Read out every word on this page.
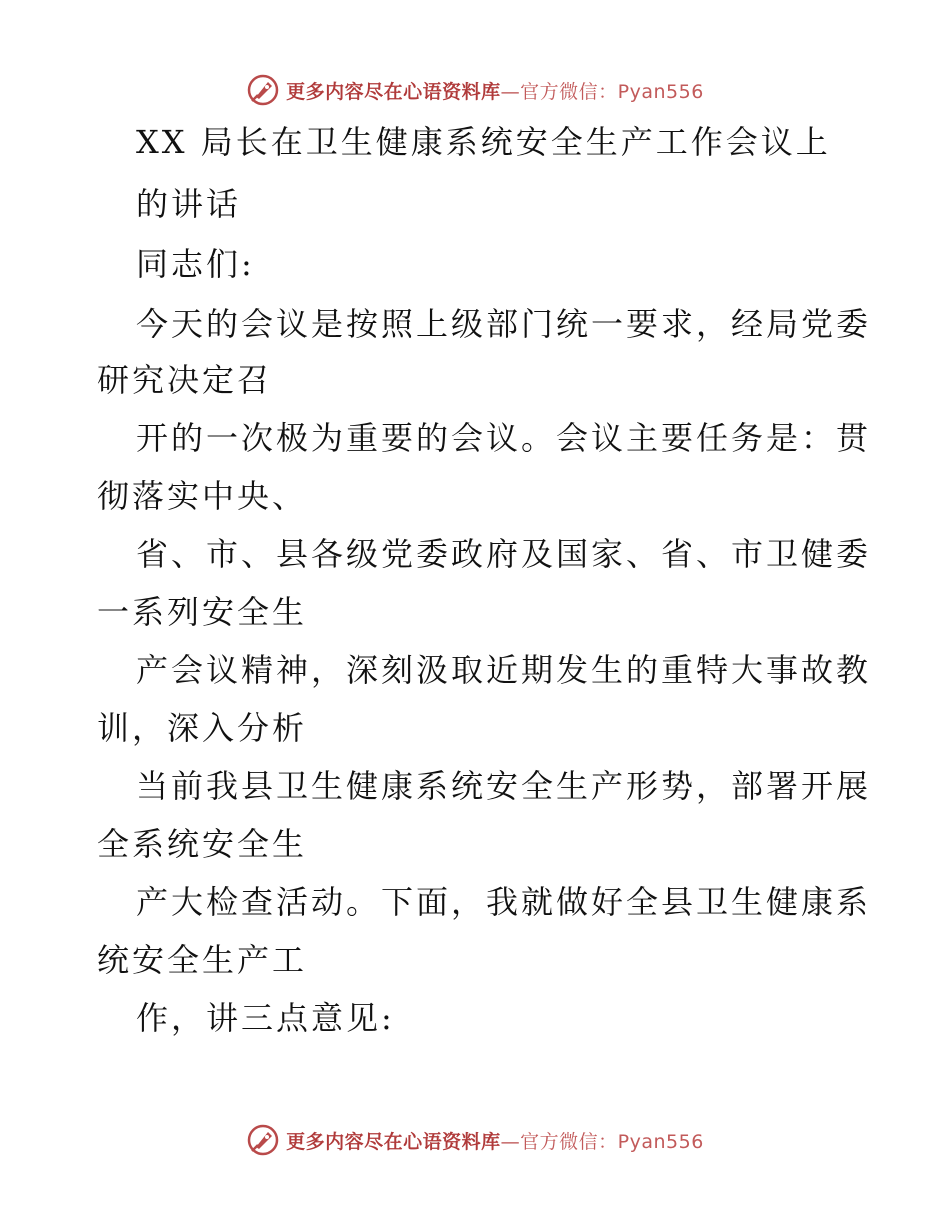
更多内容尽在心语资料库—官方微信：Pyan556
XX 局长在卫生健康系统安全生产工作会议上
的讲话
同志们:
今天的会议是按照上级部门统一要求，经局党委
研究决定召
开的一次极为重要的会议。会议主要任务是：贯
彻落实中央、
省、市、县各级党委政府及国家、省、市卫健委
一系列安全生
产会议精神，深刻汲取近期发生的重特大事故教
训，深入分析
当前我县卫生健康系统安全生产形势，部署开展
全系统安全生
产大检查活动。下面，我就做好全县卫生健康系
统安全生产工
作，讲三点意见:
更多内容尽在心语资料库—官方微信：Pyan556
